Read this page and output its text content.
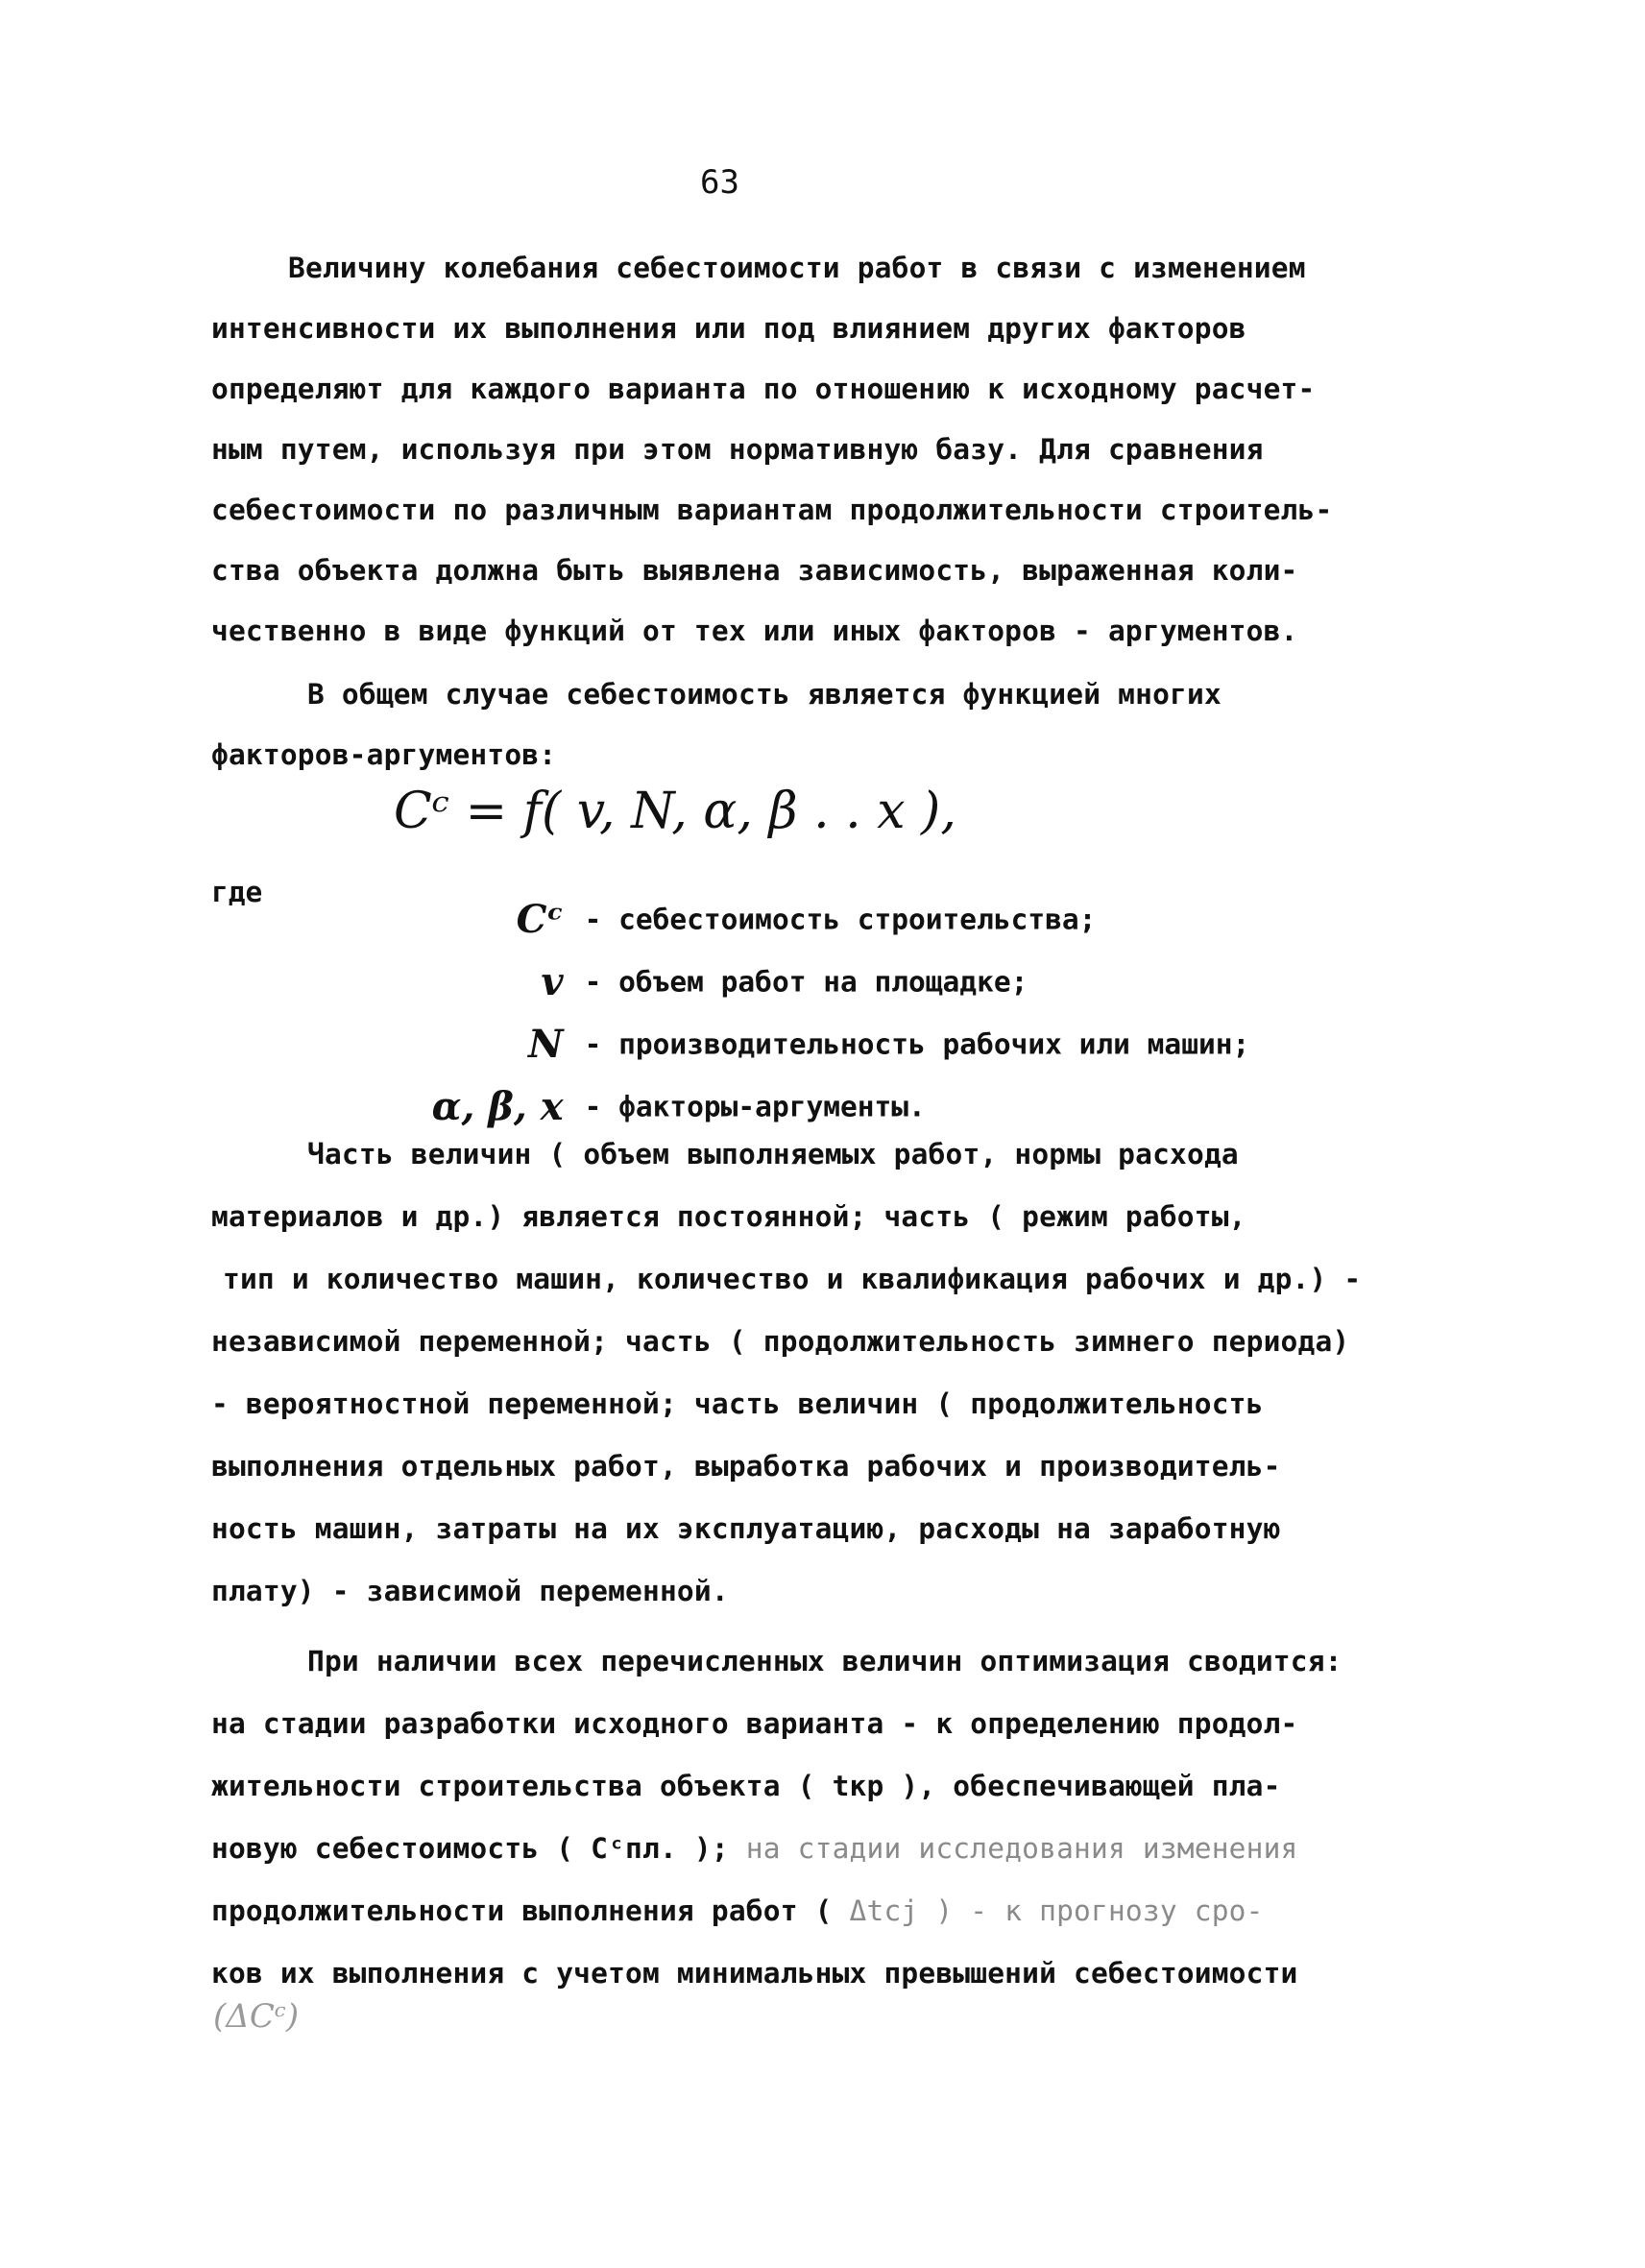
63
Величину колебания себестоимости работ в связи с изменением
интенсивности их выполнения или под влиянием других факторов
определяют для каждого варианта по отношению к исходному расчет-
ным путем, используя при этом нормативную базу. Для сравнения
себестоимости по различным вариантам продолжительности строитель-
ства объекта должна быть выявлена зависимость, выраженная коли-
чественно в виде функций от тех или иных факторов - аргументов.
В общем случае себестоимость является функцией многих
факторов-аргументов:
Cᶜ = f( v, N, α, β . . x ),
где

Cᶜ - себестоимость строительства;

v - объем работ на площадке;

N - производительность рабочих или машин;

α, β, x - факторы-аргументы.

Часть величин ( объем выполняемых работ, нормы расхода
материалов и др.) является постоянной; часть ( режим работы,
тип и количество машин, количество и квалификация рабочих и др.) -
независимой переменной; часть ( продолжительность зимнего периода)
- вероятностной переменной; часть величин ( продолжительность
выполнения отдельных работ, выработка рабочих и производитель-
ность машин, затраты на их эксплуатацию, расходы на заработную
плату) - зависимой переменной.
При наличии всех перечисленных величин оптимизация сводится:
на стадии разработки исходного варианта - к определению продол-
жительности строительства объекта ( tкр ), обеспечивающей пла-
новую себестоимость ( Cᶜпл. ); на стадии исследования изменения
продолжительности выполнения работ ( Δtcj ) - к прогнозу сро-
ков их выполнения с учетом минимальных превышений себестоимости
(ΔCᶜ)
